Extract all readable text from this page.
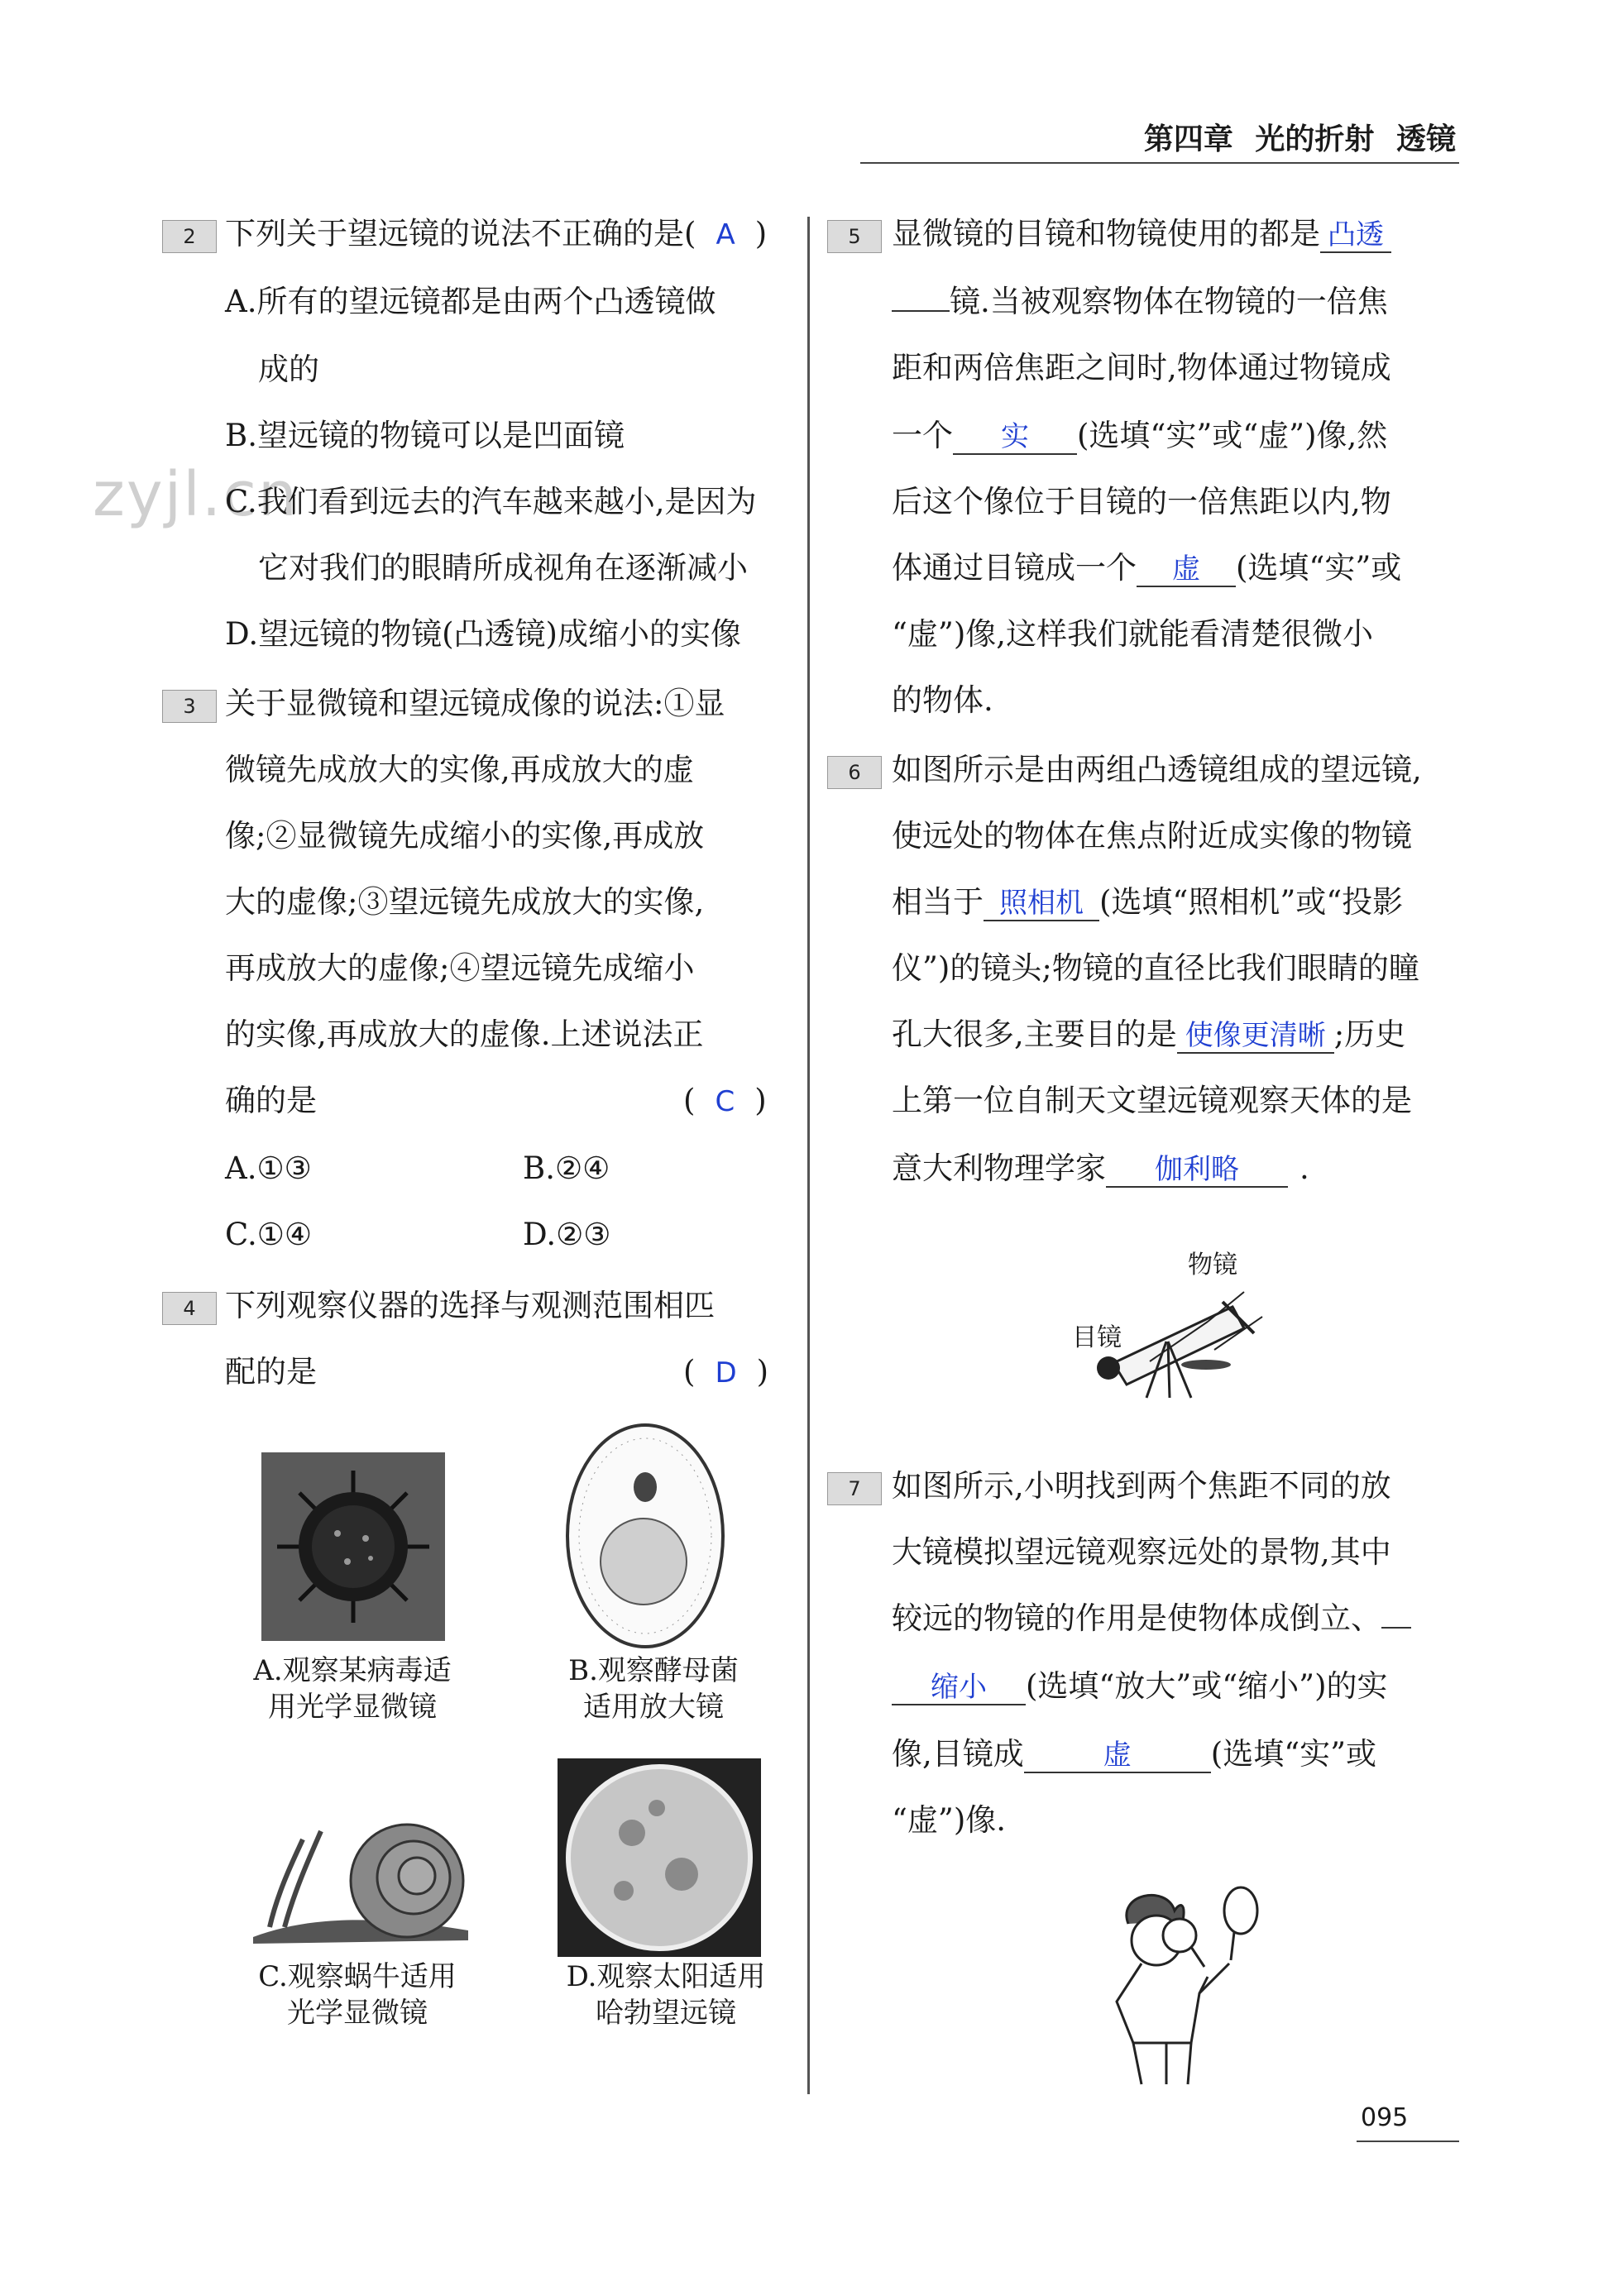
第四章 光的折射 透镜
zyjl.cn
2 下列关于望远镜的说法不正确的是( A )
A.所有的望远镜都是由两个凸透镜做
成的
B.望远镜的物镜可以是凹面镜
C.我们看到远去的汽车越来越小,是因为
它对我们的眼睛所成视角在逐渐减小
D.望远镜的物镜(凸透镜)成缩小的实像
3 关于显微镜和望远镜成像的说法:①显
微镜先成放大的实像,再成放大的虚
像;②显微镜先成缩小的实像,再成放
大的虚像;③望远镜先成放大的实像,
再成放大的虚像;④望远镜先成缩小
的实像,再成放大的虚像.上述说法正
确的是	( C )
A.①③	B.②④
C.①④	D.②③
4 下列观察仪器的选择与观测范围相匹
配的是	( D )
A.观察某病毒适
用光学显微镜
B.观察酵母菌
适用放大镜
C.观察蜗牛适用
光学显微镜
D.观察太阳适用
哈勃望远镜
5	显微镜的目镜和物镜使用的都是 凸透
镜.当被观察物体在物镜的一倍焦
距和两倍焦距之间时,物体通过物镜成
一个 实 (选填“实”或“虚”)像,然
后这个像位于目镜的一倍焦距以内,物
体通过目镜成一个 虚 (选填“实”或
“虚”)像,这样我们就能看清楚很微小
的物体.
6	如图所示是由两组凸透镜组成的望远镜,
使远处的物体在焦点附近成实像的物镜
相当于 照相机 (选填“照相机”或“投影
仪”)的镜头;物镜的直径比我们眼睛的瞳
孔大很多,主要目的是 使像更清晰 ;历史
上第一位自制天文望远镜观察天体的是
意大利物理学家 伽利略 .
物镜
目镜
7	如图所示,小明找到两个焦距不同的放
大镜模拟望远镜观察远处的景物,其中
较远的物镜的作用是使物体成倒立、
缩小 (选填“放大”或“缩小”)的实
像,目镜成	虚	(选填“实”或
“虚”)像.
095
